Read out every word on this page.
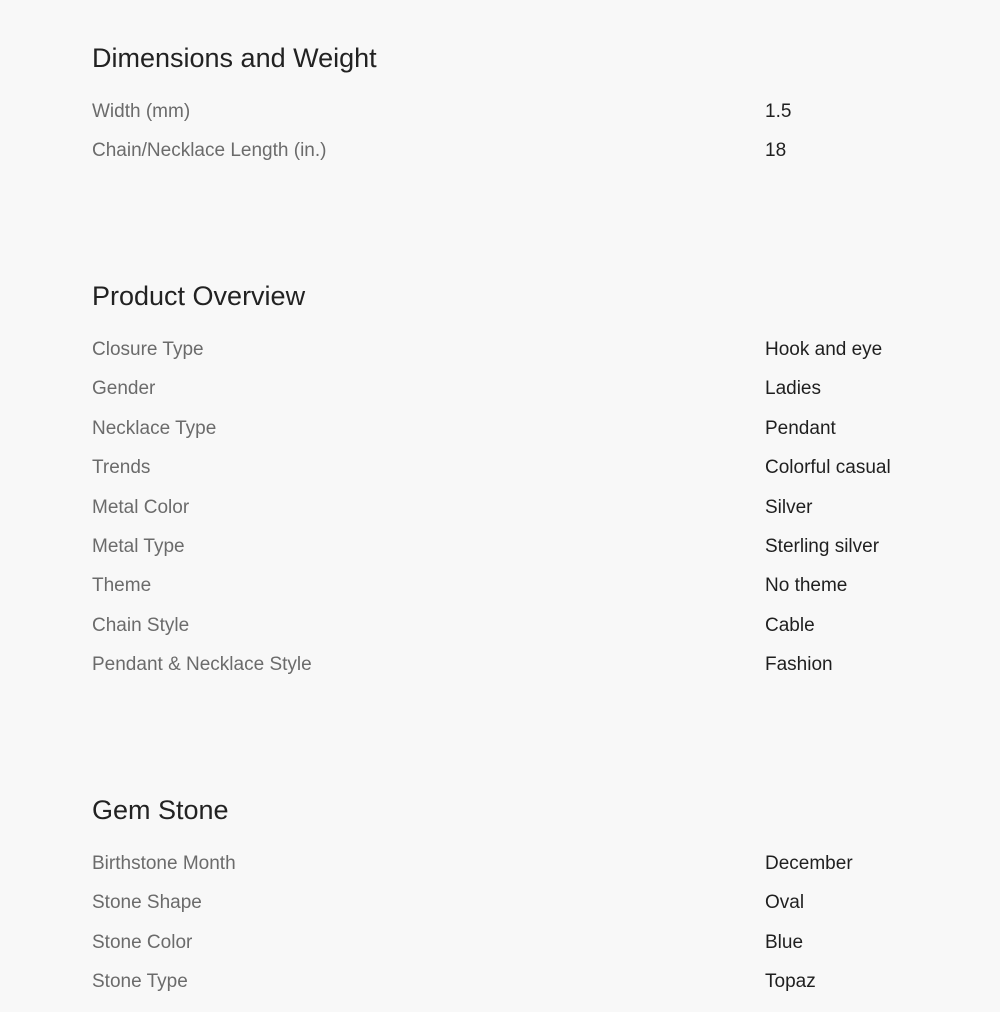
Dimensions and Weight
Width (mm)	1.5
Chain/Necklace Length (in.)	18
Product Overview
Closure Type	Hook and eye
Gender	Ladies
Necklace Type	Pendant
Trends	Colorful casual
Metal Color	Silver
Metal Type	Sterling silver
Theme	No theme
Chain Style	Cable
Pendant & Necklace Style	Fashion
Gem Stone
Birthstone Month	December
Stone Shape	Oval
Stone Color	Blue
Stone Type	Topaz
